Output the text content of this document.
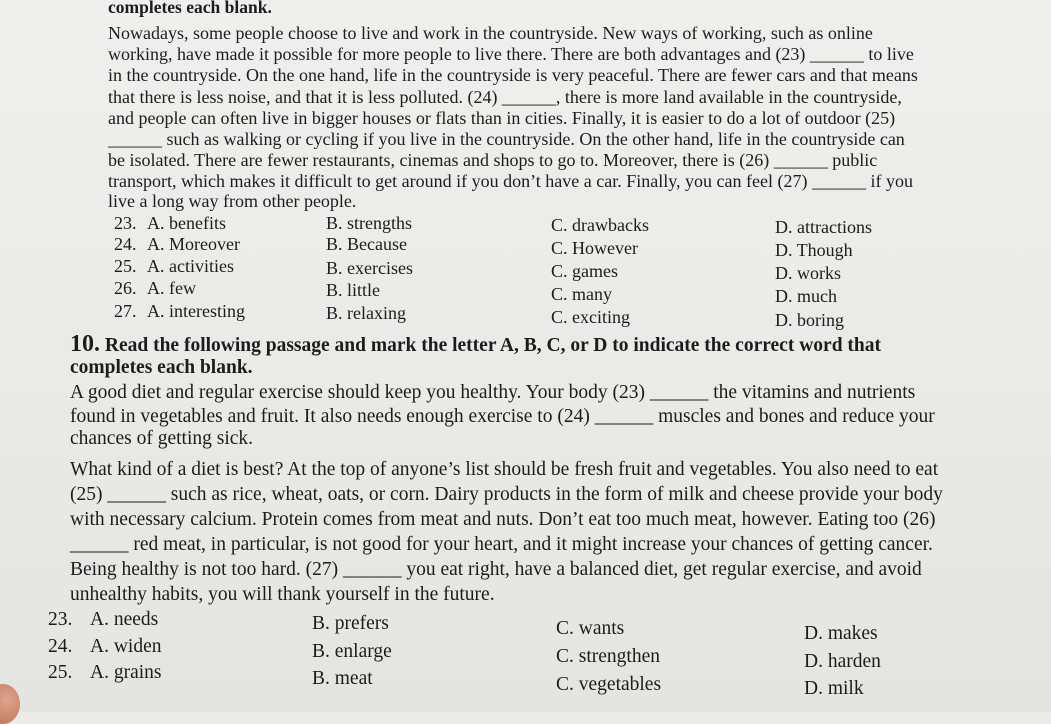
completes each blank.
Nowadays, some people choose to live and work in the countryside. New ways of working, such as online
working, have made it possible for more people to live there. There are both advantages and (23) ______ to live
in the countryside. On the one hand, life in the countryside is very peaceful. There are fewer cars and that means
that there is less noise, and that it is less polluted. (24) ______, there is more land available in the countryside,
and people can often live in bigger houses or flats than in cities. Finally, it is easier to do a lot of outdoor (25)
______ such as walking or cycling if you live in the countryside. On the other hand, life in the countryside can
be isolated. There are fewer restaurants, cinemas and shops to go to. Moreover, there is (26) ______ public
transport, which makes it difficult to get around if you don’t have a car. Finally, you can feel (27) ______ if you
live a long way from other people.
23. A. benefits	B. strengths	C. drawbacks	D. attractions
24. A. Moreover	B. Because	C. However	D. Though
25. A. activities	B. exercises	C. games	D. works
26. A. few	B. little	C. many	D. much
27. A. interesting	B. relaxing	C. exciting	D. boring
10. Read the following passage and mark the letter A, B, C, or D to indicate the correct word that
completes each blank.
A good diet and regular exercise should keep you healthy. Your body (23) ______ the vitamins and nutrients
found in vegetables and fruit. It also needs enough exercise to (24) ______ muscles and bones and reduce your
chances of getting sick.
What kind of a diet is best? At the top of anyone’s list should be fresh fruit and vegetables. You also need to eat
(25) ______ such as rice, wheat, oats, or corn. Dairy products in the form of milk and cheese provide your body
with necessary calcium. Protein comes from meat and nuts. Don’t eat too much meat, however. Eating too (26)
______ red meat, in particular, is not good for your heart, and it might increase your chances of getting cancer.
Being healthy is not too hard. (27) ______ you eat right, have a balanced diet, get regular exercise, and avoid
unhealthy habits, you will thank yourself in the future.
23. A. needs	B. prefers	C. wants	D. makes
24. A. widen	B. enlarge	C. strengthen	D. harden
25. A. grains	B. meat	C. vegetables	D. milk
